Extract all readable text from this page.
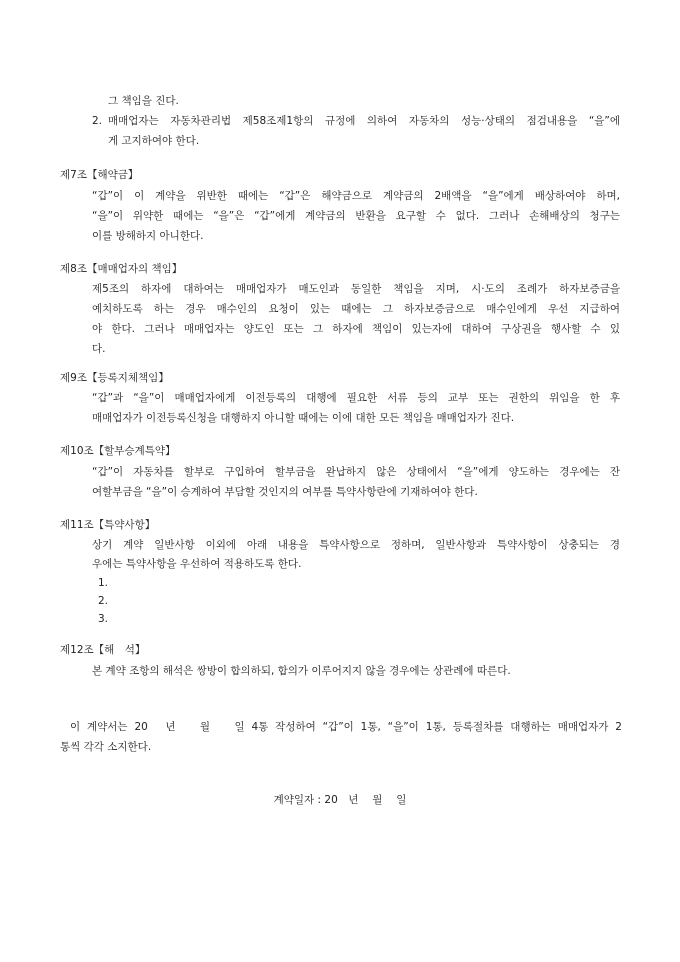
그 책임을 진다.
2. 매매업자는 자동차관리법 제58조제1항의 규정에 의하여 자동차의 성능·상태의 점검내용을 “을”에
게 고지하여야 한다.
제7조【해약금】
“갑”이 이 계약을 위반한 때에는 “갑”은 해약금으로 계약금의 2배액을 “을”에게 배상하여야 하며,
“을”이 위약한 때에는 “을”은 “갑”에게 계약금의 반환을 요구할 수 없다. 그러나 손해배상의 청구는
이를 방해하지 아니한다.
제8조【매매업자의 책임】
제5조의 하자에 대하여는 매매업자가 매도인과 동일한 책임을 지며, 시·도의 조례가 하자보증금을
예치하도록 하는 경우 매수인의 요청이 있는 때에는 그 하자보증금으로 매수인에게 우선 지급하여
야 한다. 그러나 매매업자는 양도인 또는 그 하자에 책임이 있는자에 대하여 구상권을 행사할 수 있
다.
제9조【등록지체책임】
“갑”과 “을”이 매매업자에게 이전등록의 대행에 필요한 서류 등의 교부 또는 권한의 위임을 한 후
매매업자가 이전등록신청을 대행하지 아니할 때에는 이에 대한 모든 책임을 매매업자가 진다.
제10조【할부승계특약】
“갑”이 자동차를 할부로 구입하여 할부금을 완납하지 않은 상태에서 “을”에게 양도하는 경우에는 잔
여할부금을 “을”이 승계하여 부담할 것인지의 여부를 특약사항란에 기재하여야 한다.
제11조【특약사항】
상기 계약 일반사항 이외에 아래 내용을 특약사항으로 정하며, 일반사항과 특약사항이 상충되는 경
우에는 특약사항을 우선하여 적용하도록 한다.
1.
2.
3.
제12조【해　석】
본 계약 조항의 해석은 쌍방이 합의하되, 합의가 이루어지지 않을 경우에는 상관례에 따른다.
이 계약서는 20　년　 월　 일 4통 작성하여 “갑”이 1통, “을”이 1통, 등록절차를 대행하는 매매업자가 2
통씩 각각 소지한다.
계약일자 : 20　년　 월　 일
